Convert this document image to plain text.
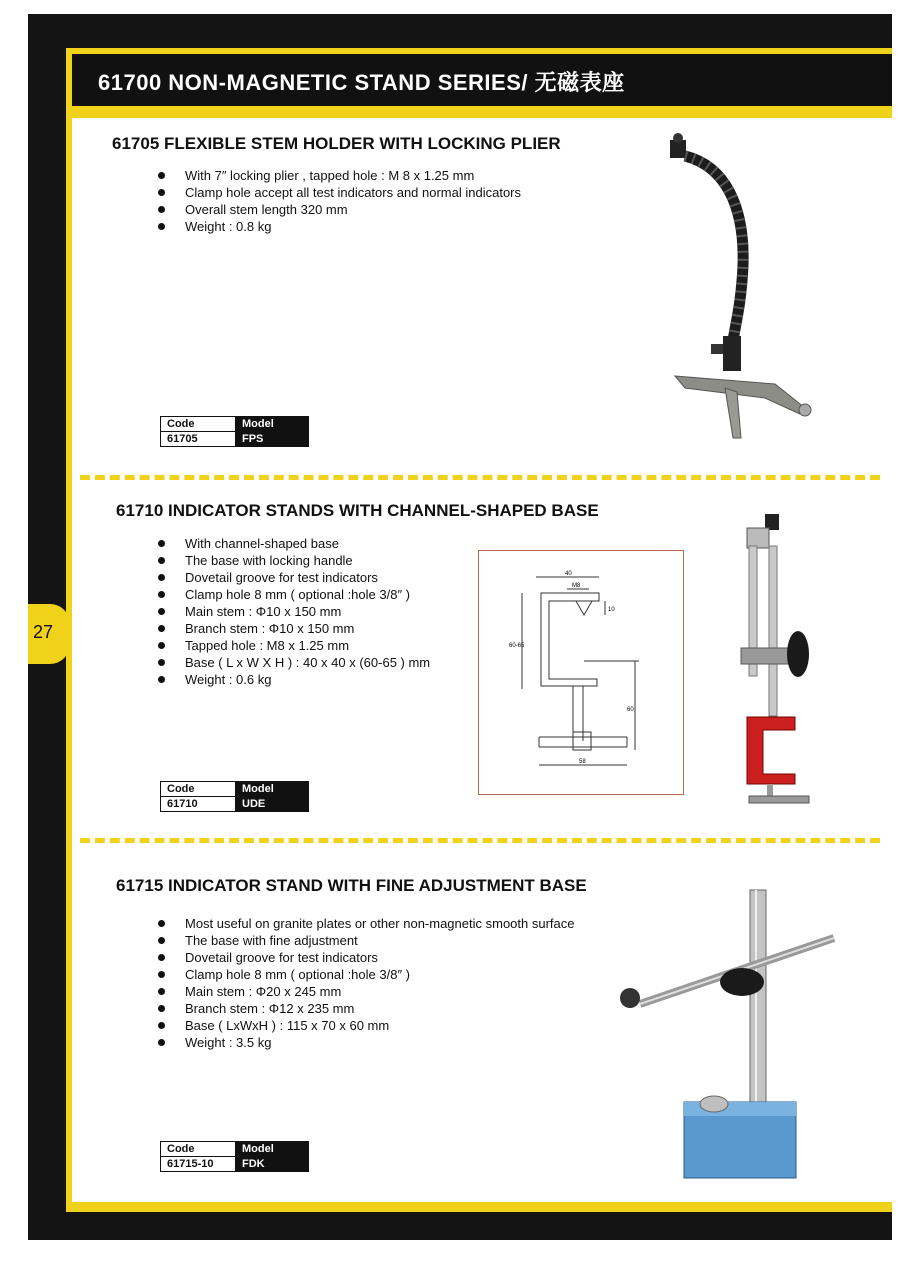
61700 NON-MAGNETIC STAND SERIES/ 无磁表座
27
61705 FLEXIBLE STEM HOLDER WITH LOCKING PLIER
With 7″ locking plier , tapped hole : M 8 x 1.25 mm
Clamp hole accept all test indicators and normal indicators
Overall stem length 320 mm
Weight : 0.8 kg
Code	Model
61705	FPS
61710 INDICATOR STANDS WITH CHANNEL-SHAPED BASE
With channel-shaped base
The base with locking handle
Dovetail groove for test indicators
Clamp hole 8 mm ( optional :hole 3/8″ )
Main stem : Φ10 x 150 mm
Branch stem : Φ10 x 150 mm
Tapped hole : M8 x 1.25 mm
Base ( L x W X H ) : 40 x 40 x (60-65 ) mm
Weight : 0.6 kg
40
M8
10
60-65
60
58
Code	Model
61710	UDE
61715 INDICATOR STAND WITH FINE ADJUSTMENT BASE
Most useful on granite plates or other non-magnetic smooth surface
The base with fine adjustment
Dovetail groove for test indicators
Clamp hole 8 mm ( optional :hole 3/8″ )
Main stem : Φ20 x 245 mm
Branch stem : Φ12 x 235 mm
Base ( LxWxH ) : 115 x 70 x 60 mm
Weight : 3.5 kg
Code	Model
61715-10	FDK
